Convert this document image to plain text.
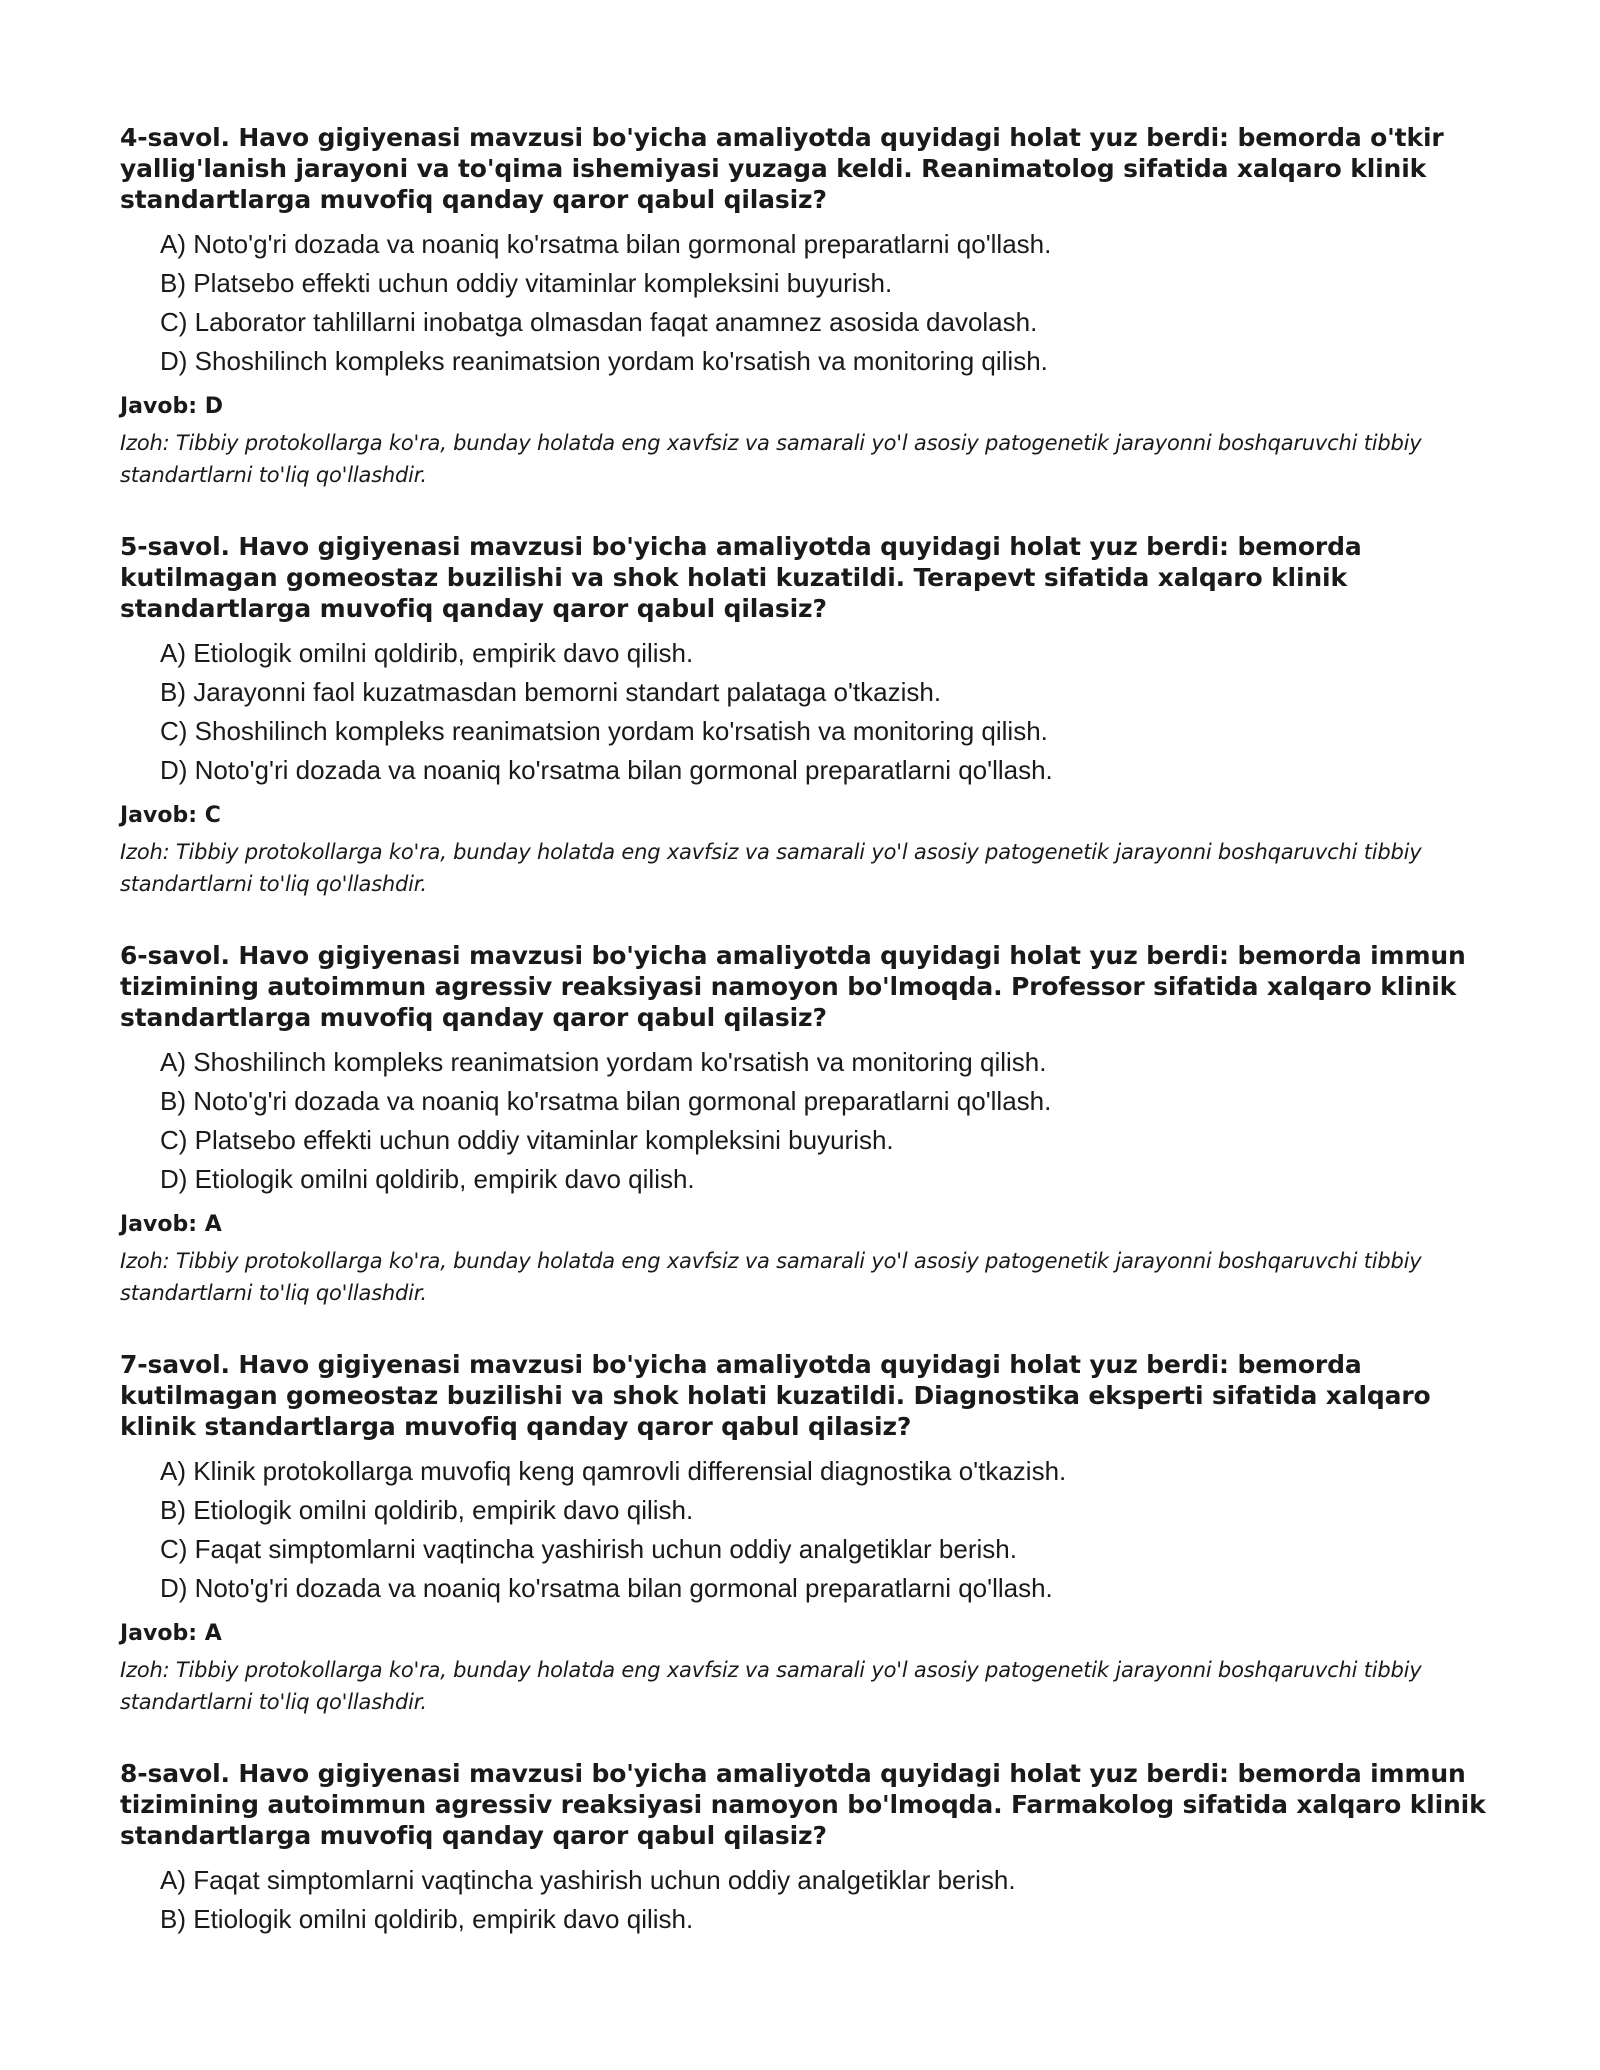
4-savol. Havo gigiyenasi mavzusi bo'yicha amaliyotda quyidagi holat yuz berdi: bemorda o'tkir yallig'lanish jarayoni va to'qima ishemiyasi yuzaga keldi. Reanimatolog sifatida xalqaro klinik standartlarga muvofiq qanday qaror qabul qilasiz?

A) Noto'g'ri dozada va noaniq ko'rsatma bilan gormonal preparatlarni qo'llash.
B) Platsebo effekti uchun oddiy vitaminlar kompleksini buyurish.
C) Laborator tahlillarni inobatga olmasdan faqat anamnez asosida davolash.
D) Shoshilinch kompleks reanimatsion yordam ko'rsatish va monitoring qilish.

Javob: D

Izoh: Tibbiy protokollarga ko'ra, bunday holatda eng xavfsiz va samarali yo'l asosiy patogenetik jarayonni boshqaruvchi tibbiy standartlarni to'liq qo'llashdir.

5-savol. Havo gigiyenasi mavzusi bo'yicha amaliyotda quyidagi holat yuz berdi: bemorda kutilmagan gomeostaz buzilishi va shok holati kuzatildi. Terapevt sifatida xalqaro klinik standartlarga muvofiq qanday qaror qabul qilasiz?

A) Etiologik omilni qoldirib, empirik davo qilish.
B) Jarayonni faol kuzatmasdan bemorni standart palataga o'tkazish.
C) Shoshilinch kompleks reanimatsion yordam ko'rsatish va monitoring qilish.
D) Noto'g'ri dozada va noaniq ko'rsatma bilan gormonal preparatlarni qo'llash.

Javob: C

Izoh: Tibbiy protokollarga ko'ra, bunday holatda eng xavfsiz va samarali yo'l asosiy patogenetik jarayonni boshqaruvchi tibbiy standartlarni to'liq qo'llashdir.

6-savol. Havo gigiyenasi mavzusi bo'yicha amaliyotda quyidagi holat yuz berdi: bemorda immun tizimining autoimmun agressiv reaksiyasi namoyon bo'lmoqda. Professor sifatida xalqaro klinik standartlarga muvofiq qanday qaror qabul qilasiz?

A) Shoshilinch kompleks reanimatsion yordam ko'rsatish va monitoring qilish.
B) Noto'g'ri dozada va noaniq ko'rsatma bilan gormonal preparatlarni qo'llash.
C) Platsebo effekti uchun oddiy vitaminlar kompleksini buyurish.
D) Etiologik omilni qoldirib, empirik davo qilish.

Javob: A

Izoh: Tibbiy protokollarga ko'ra, bunday holatda eng xavfsiz va samarali yo'l asosiy patogenetik jarayonni boshqaruvchi tibbiy standartlarni to'liq qo'llashdir.

7-savol. Havo gigiyenasi mavzusi bo'yicha amaliyotda quyidagi holat yuz berdi: bemorda kutilmagan gomeostaz buzilishi va shok holati kuzatildi. Diagnostika eksperti sifatida xalqaro klinik standartlarga muvofiq qanday qaror qabul qilasiz?

A) Klinik protokollarga muvofiq keng qamrovli differensial diagnostika o'tkazish.
B) Etiologik omilni qoldirib, empirik davo qilish.
C) Faqat simptomlarni vaqtincha yashirish uchun oddiy analgetiklar berish.
D) Noto'g'ri dozada va noaniq ko'rsatma bilan gormonal preparatlarni qo'llash.

Javob: A

Izoh: Tibbiy protokollarga ko'ra, bunday holatda eng xavfsiz va samarali yo'l asosiy patogenetik jarayonni boshqaruvchi tibbiy standartlarni to'liq qo'llashdir.

8-savol. Havo gigiyenasi mavzusi bo'yicha amaliyotda quyidagi holat yuz berdi: bemorda immun tizimining autoimmun agressiv reaksiyasi namoyon bo'lmoqda. Farmakolog sifatida xalqaro klinik standartlarga muvofiq qanday qaror qabul qilasiz?

A) Faqat simptomlarni vaqtincha yashirish uchun oddiy analgetiklar berish.
B) Etiologik omilni qoldirib, empirik davo qilish.
